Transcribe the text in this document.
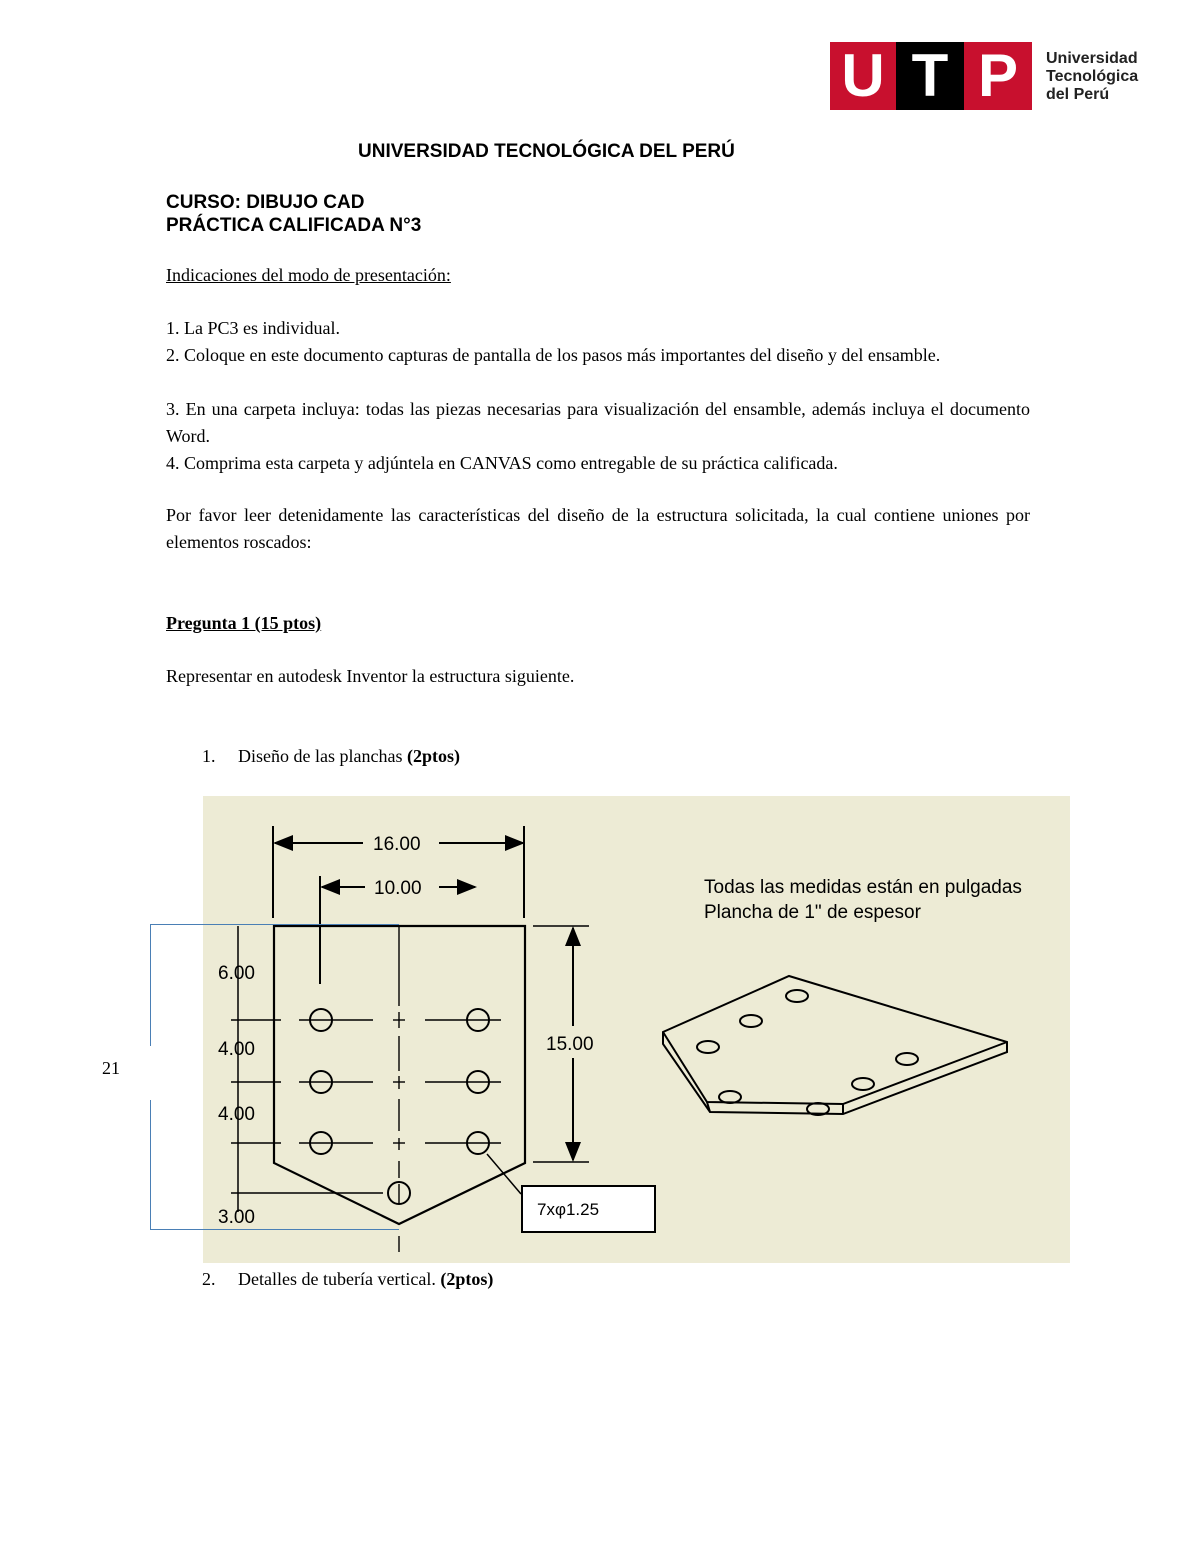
U T P	Universidad
Tecnológica
del Perú
UNIVERSIDAD TECNOLÓGICA DEL PERÚ
CURSO: DIBUJO CAD
PRÁCTICA CALIFICADA N°3
Indicaciones del modo de presentación:
1. La PC3 es individual.
2. Coloque en este documento capturas de pantalla de los pasos más importantes del diseño y del ensamble.
3. En una carpeta incluya: todas las piezas necesarias para visualización del ensamble, además incluya el documento Word.
4. Comprima esta carpeta y adjúntela en CANVAS como entregable de su práctica calificada.
Por favor leer detenidamente las características del diseño de la estructura solicitada, la cual contiene uniones por elementos roscados:
Pregunta 1 (15 ptos)
Representar en autodesk Inventor la estructura siguiente.
1. Diseño de las planchas (2ptos)
16.00
10.00
15.00
6.00
4.00
4.00
3.00
Todas las medidas están en pulgadas
Plancha de 1" de espesor
7xφ1.25
21
2. Detalles de tubería vertical. (2ptos)
